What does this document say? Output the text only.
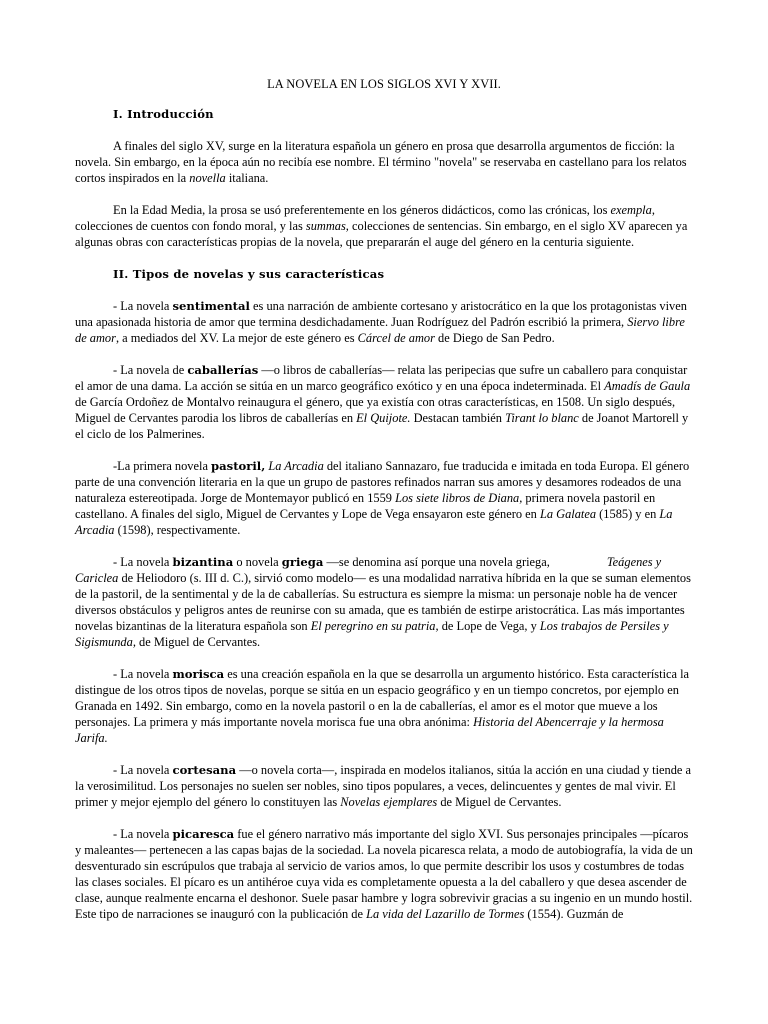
LA NOVELA EN LOS SIGLOS XVI Y XVII.
I. Introducción

A finales del siglo XV, surge en la literatura española un género en prosa que desarrolla argumentos de ficción: la novela. Sin embargo, en la época aún no recibía ese nombre. El término "novela" se reservaba en castellano para los relatos cortos inspirados en la novella italiana.

En la Edad Media, la prosa se usó preferentemente en los géneros didácticos, como las crónicas, los exempla, colecciones de cuentos con fondo moral, y las summas, colecciones de sentencias. Sin embargo, en el siglo XV aparecen ya algunas obras con características propias de la novela, que prepararán el auge del género en la centuria siguiente.

II. Tipos de novelas y sus características

- La novela sentimental es una narración de ambiente cortesano y aristocrático en la que los protagonistas viven una apasionada historia de amor que termina desdichadamente. Juan Rodríguez del Padrón escribió la primera, Siervo libre de amor, a mediados del XV. La mejor de este género es Cárcel de amor de Diego de San Pedro.

- La novela de caballerías —o libros de caballerías— relata las peripecias que sufre un caballero para conquistar el amor de una dama. La acción se sitúa en un marco geográfico exótico y en una época indeterminada. El Amadís de Gaula de García Ordoñez de Montalvo reinaugura el género, que ya existía con otras características, en 1508. Un siglo después, Miguel de Cervantes parodia los libros de caballerías en El Quijote. Destacan también Tirant lo blanc de Joanot Martorell y el ciclo de los Palmerines.

-La primera novela pastoril, La Arcadia del italiano Sannazaro, fue traducida e imitada en toda Europa. El género parte de una convención literaria en la que un grupo de pastores refinados narran sus amores y desamores rodeados de una naturaleza estereotipada. Jorge de Montemayor publicó en 1559 Los siete libros de Diana, primera novela pastoril en castellano. A finales del siglo, Miguel de Cervantes y Lope de Vega ensayaron este género en La Galatea (1585) y en La Arcadia (1598), respectivamente.

- La novela bizantina o novela griega —se denomina así porque una novela griega,	Teágenes y Cariclea de Heliodoro (s. III d. C.), sirvió como modelo— es una modalidad narrativa híbrida en la que se suman elementos de la pastoril, de la sentimental y de la de caballerías. Su estructura es siempre la misma: un personaje noble ha de vencer diversos obstáculos y peligros antes de reunirse con su amada, que es también de estirpe aristocrática. Las más importantes novelas bizantinas de la literatura española son El peregrino en su patria, de Lope de Vega, y Los trabajos de Persiles y Sigismunda, de Miguel de Cervantes.

- La novela morisca es una creación española en la que se desarrolla un argumento histórico. Esta característica la distingue de los otros tipos de novelas, porque se sitúa en un espacio geográfico y en un tiempo concretos, por ejemplo en Granada en 1492. Sin embargo, como en la novela pastoril o en la de caballerías, el amor es el motor que mueve a los personajes. La primera y más importante novela morisca fue una obra anónima: Historia del Abencerraje y la hermosa Jarifa.

- La novela cortesana —o novela corta—, inspirada en modelos italianos, sitúa la acción en una ciudad y tiende a la verosimilitud. Los personajes no suelen ser nobles, sino tipos populares, a veces, delincuentes y gentes de mal vivir. El primer y mejor ejemplo del género lo constituyen las Novelas ejemplares de Miguel de Cervantes.

- La novela picaresca fue el género narrativo más importante del siglo XVI. Sus personajes principales —pícaros y maleantes— pertenecen a las capas bajas de la sociedad. La novela picaresca relata, a modo de autobiografía, la vida de un desventurado sin escrúpulos que trabaja al servicio de varios amos, lo que permite describir los usos y costumbres de todas las clases sociales. El pícaro es un antihéroe cuya vida es completamente opuesta a la del caballero y que desea ascender de clase, aunque realmente encarna el deshonor. Suele pasar hambre y logra sobrevivir gracias a su ingenio en un mundo hostil. Este tipo de narraciones se inauguró con la publicación de La vida del Lazarillo de Tormes (1554). Guzmán de
